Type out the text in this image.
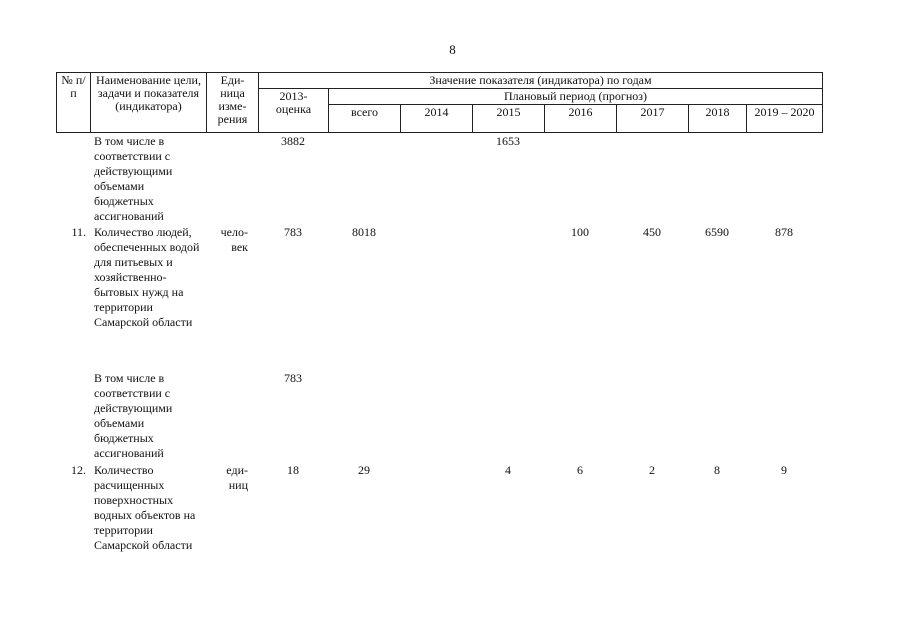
8
№ п/ п	Наименование цели, задачи и показателя (индикатора)	Еди- ница изме- рения	Значение показателя (индикатора) по годам							
			2013- оценка	Плановый период (прогноз)						
				всего	2014	2015	2016	2017	2018	2019 – 2020
	В том числе в соответствии с действующими объемами бюджетных ассигнований		3882			1653				
11.	Количество людей, обеспеченных водой для питьевых и хозяйственно-бытовых нужд на территории Самарской области	чело- век	783	8018			100	450	6590	878
	В том числе в соответствии с действующими объемами бюджетных ассигнований		783							
12.	Количество расчищенных поверхностных водных объектов на территории Самарской области	еди- ниц	18	29		4	6	2	8	9
